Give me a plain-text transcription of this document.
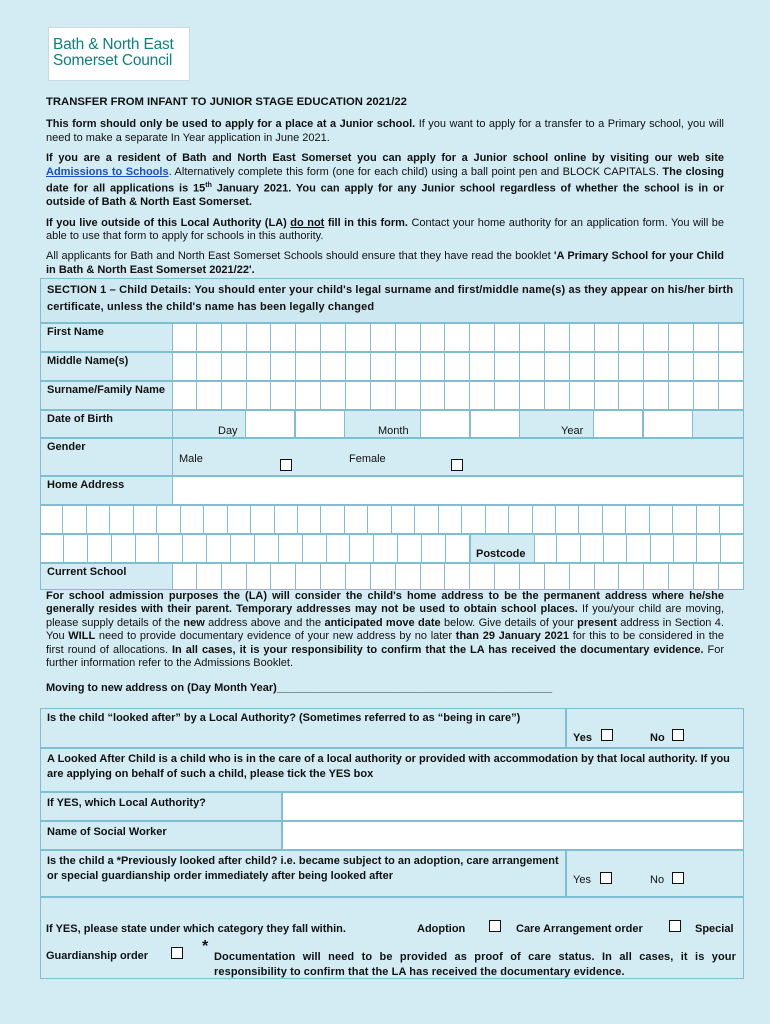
Bath & North East
Somerset Council
TRANSFER FROM INFANT TO JUNIOR STAGE EDUCATION 2021/22

This form should only be used to apply for a place at a Junior school. If you want to apply for a transfer to a Primary school, you will need to make a separate In Year application in June 2021.

If you are a resident of Bath and North East Somerset you can apply for a Junior school online by visiting our web site Admissions to Schools. Alternatively complete this form (one for each child) using a ball point pen and BLOCK CAPITALS. The closing date for all applications is 15th January 2021. You can apply for any Junior school regardless of whether the school is in or outside of Bath & North East Somerset.

If you live outside of this Local Authority (LA) do not fill in this form. Contact your home authority for an application form. You will be able to use that form to apply for schools in this authority.

All applicants for Bath and North East Somerset Schools should ensure that they have read the booklet 'A Primary School for your Child in Bath & North East Somerset 2021/22'.

SECTION 1 – Child Details: You should enter your child's legal surname and first/middle name(s) as they appear on his/her birth certificate, unless the child's name has been legally changed
First Name
Middle Name(s)
Surname/Family Name
Date of Birth
Day	Month	Year
Gender
Male	Female
Home Address
Postcode
Current School
For school admission purposes the (LA) will consider the child's home address to be the permanent address where he/she generally resides with their parent. Temporary addresses may not be used to obtain school places. If you/your child are moving, please supply details of the new address above and the anticipated move date below. Give details of your present address in Section 4. You WILL need to provide documentary evidence of your new address by no later than 29 January 2021 for this to be considered in the first round of allocations. In all cases, it is your responsibility to confirm that the LA has received the documentary evidence. For further information refer to the Admissions Booklet.
Moving to new address on (Day Month Year)_____________________________________________
Is the child “looked after” by a Local Authority? (Sometimes referred to as “being in care”)
Yes	No
A Looked After Child is a child who is in the care of a local authority or provided with accommodation by that local authority. If you are applying on behalf of such a child, please tick the YES box
If YES, which Local Authority?
Name of Social Worker
Is the child a *Previously looked after child? i.e. became subject to an adoption, care arrangement or special guardianship order immediately after being looked after	Yes	No
If YES, please state under which category they fall within.	Adoption	Care Arrangement order	Special
Guardianship order
*
Documentation will need to be provided as proof of care status. In all cases, it is your responsibility to confirm that the LA has received the documentary evidence.
